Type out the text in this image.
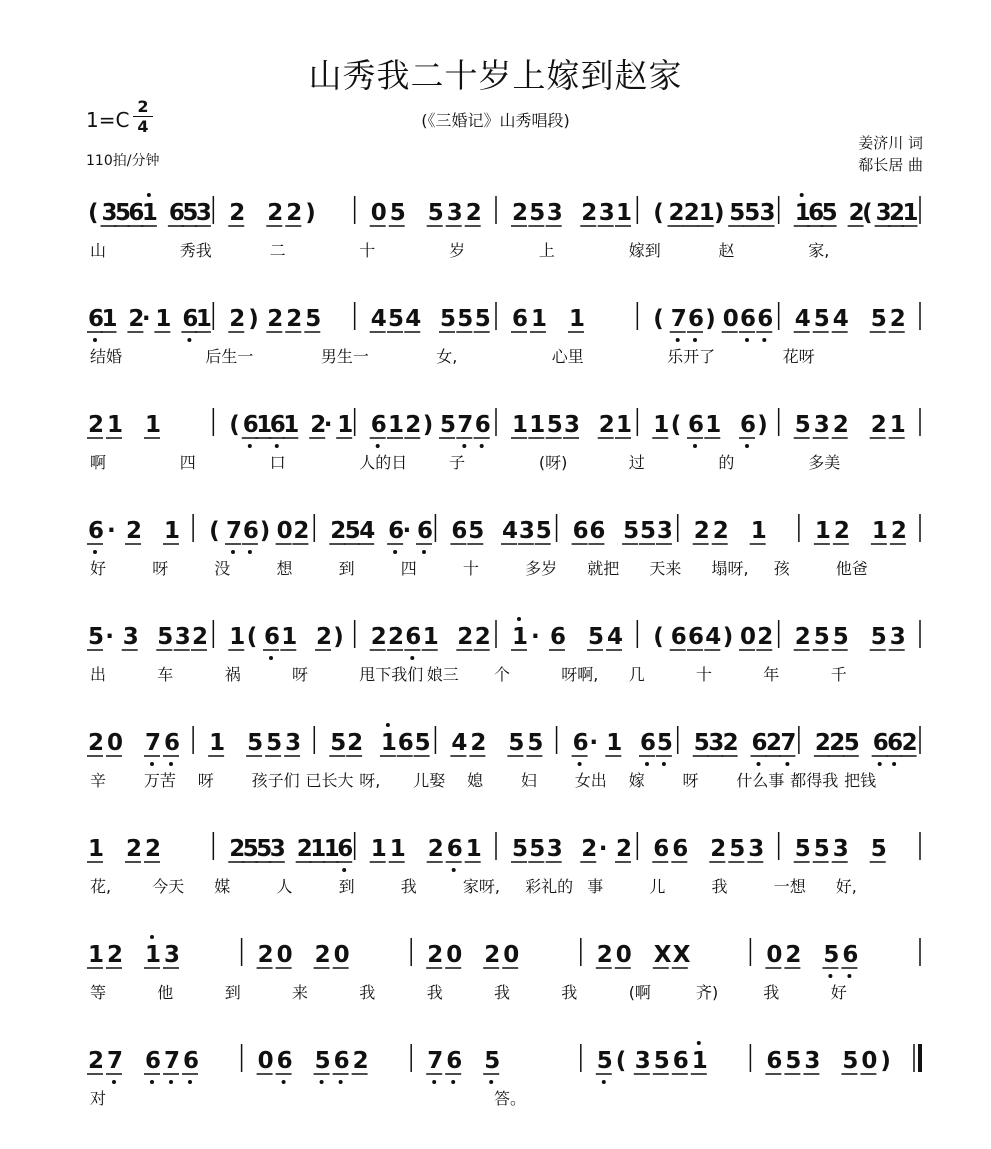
山秀我二十岁上嫁到赵家
(《三婚记》山秀唱段)
$1=C \frac{2}{4}$
110拍/分钟
姜济川 词
郗长居 曲
( 3
5
6
1 6
5
3 2 2 2 ) 0 5 5 3 2 2 5 3 2 3 1 ( 2 2 1 ) 5 5 3 1
6
5 2
( 3
2
1
山	秀我	二	十	岁	上	嫁到	赵	家,
6
1 2
· 1 6
1 2 ) 2 2 5 4 5 4 5 5 5 6 1 1	( 7 6 ) 0 6 6 4 5 4 5 2
结婚	后生一	男生一	女,	心里	乐开了	花呀
2 1 1	( 6
1
6
1 2
· 1 6 1 2 ) 5 7 6 1 1 5 3 2 1 1 ( 6 1 6 ) 5 3 2 2 1
啊	四	口	人的日	子	(呀)	过	的	多美
6 · 2 1 ( 7 6 ) 0 2 2
5
4 6
· 6 6 5 4 3 5 6 6 5 5 3 2 2 1 1 2 1 2
好	呀	没	想	到	四	十	多岁 就把 天来 塌呀, 孩	他爸
5 · 3 5 3 2 1 ( 6 1 2 ) 2 2 6 1 2 2 1 · 6 5 4 ( 6 6 4 ) 0 2 2 5 5 5 3
出	车	祸	呀	甩下我们 娘三 个	呀啊, 几	十	年	千
2 0 7 6 1 5 5 3 5 2 1 6 5 4 2 5 5 6 · 1 6 5 5
3
2 6
2
7 2
2
5 6
6
2
辛 万苦 呀 孩子们 已长大 呀, 儿娶 媳 妇 女出 嫁 呀 什么事 都得我 把钱
1 2 2	2
5
5
3 2
1
1
6 1 1 2 6 1 5 5 3 2 · 2 6 6 2 5 3 5 5 3 5
花,	今天 媒	人	到	我	家呀, 彩礼的 事	儿	我	一想 好,
1 2 1 3	2 0 2 0	2 0 2 0	2 0 X X	0 2 5 6
等	他	到	来	我	我	我	我	(啊	齐)	我	好
2 7 6 7 6	0 6 5 6 2	7 6 5	5 ( 3 5 6 1	6 5 3 5 0 )
对	答。
